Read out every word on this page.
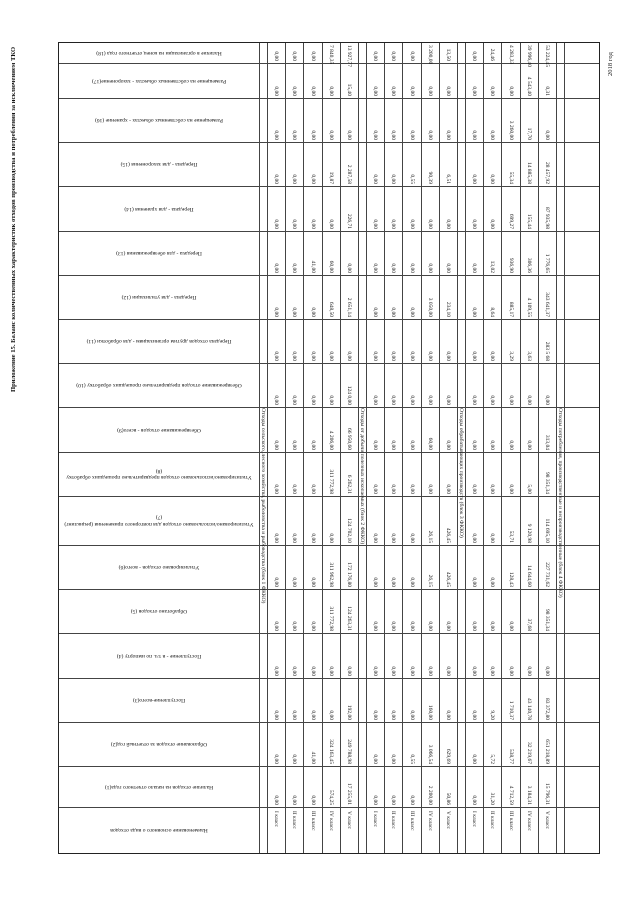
Приложение 15. Баланс количественных характеристик отходов производства и потребления за исключением ТКО	2018 год
Наименование основного о вида отходов
Наличие отходов на начало отчетного года(1)
Образование отходов за отчетный год(2)
Поступление-всего(3)
Поступление - в т.ч. по импорту (4)
Обработано отходов (5)
Утилизировано отходов - всего(6)
Утилизировано/использовано отходов для повторного применения (рециклинг) (7)
Утилизировано/использовано отходов предварительно прошедших обработку (8)
Обезвреживание отходов - всего(9)
Обезвреживание отходов предварительно прошедших обработку (10)
Передача отходов другим организациям - для обработки (11)
Передача - для утилизации (12)
Передача - для обезвреживания (13)
Передача - для хранения (14)
Передача - для захоронения (15)
Размещение на собственных объектах - хранение (16)
Размещение на собственных объектах - захоронение(17)
Наличие в организации на конец отчетного года (18)
Отходы сельского, лесного хозяйства, рыболовства и рыбоводства (блок 1 ФККО)
I класс
0,00
0,00
0,00
0,00
0,00
0,00
0,00
0,00
0,00
0,00
0,00
0,00
0,00
0,00
0,00
0,00
0,00
0,00
II класс
0,00
0,00
0,00
0,00
0,00
0,00
0,00
0,00
0,00
0,00
0,00
0,00
0,00
0,00
0,00
0,00
0,00
0,00
III класс
0,00
41,00
0,00
0,00
0,00
0,00
0,00
0,00
0,00
0,00
0,00
0,00
41,00
0,00
0,00
0,00
0,00
0,00
IV класс
574,25
324 163,45
0,00
0,00
311 772,98
311 962,98
0,00
311 772,98
4 206,00
0,00
0,00
648,50
60,00
0,00
19,87
0,00
0,00
7 840,35
V класс
17 255,01
249 788,98
192,00
0,00
124 263,31
172 176,80
124 702,10
6 262,31
66 950,60
124 0,00
0,00
2 651,14
0,00
226,71
2 287,58
0,00
15,40
13 927,77
Отходы от добычи полезных ископаемых (блок 2 ФККО)
I класс
0,00
0,00
0,00
0,00
0,00
0,00
0,00
0,00
0,00
0,00
0,00
0,00
0,00
0,00
0,00
0,00
0,00
0,00
II класс
0,00
0,00
0,00
0,00
0,00
0,00
0,00
0,00
0,00
0,00
0,00
0,00
0,00
0,00
0,00
0,00
0,00
0,00
III класс
0,00
0,55
0,00
0,00
0,00
0,00
0,00
0,00
0,00
0,00
0,00
0,00
0,00
0,00
0,55
0,00
0,00
0,00
IV класс
2 200,00
3 066,54
160,00
0,00
0,00
26,15
26,15
0,00
60,00
0,00
0,00
3 050,00
0,00
0,00
90,39
0,00
0,00
3 200,00
V класс
50,86
629,69
0,00
0,00
0,00
426,45
426,45
0,00
0,00
0,00
0,00
234,10
0,00
0,00
6,51
0,00
0,00
13,50
Отходы обрабатывающих производств (блок 3 ФККО)
I класс
0,00
0,00
0,00
0,00
0,00
0,00
0,00
0,00
0,00
0,00
0,00
0,00
0,00
0,00
0,00
0,00
0,00
0,00
II класс
31,20
5,72
9,20
0,00
0,00
0,00
0,00
0,00
0,00
0,00
0,00
8,64
13,02
0,00
0,00
0,00
0,00
24,46
III класс
4 712,59
538,77
1 710,37
0,00
0,00
128,43
53,71
0,00
0,00
0,00
3,29
885,17
936,90
699,27
55,34
3 260,00
0,00
4 283,33
IV класс
3 184,31
32 219,67
43 140,78
0,00
37,68
14 644,60
9 120,98
5,00
0,00
0,00
3,63
4 109,55
306,36
155,44
14 885,38
17,70
4 543,40
39 996,40
V класс
15 796,31
651 218,89
83 372,80
0,00
98 351,34
227 731,62
114 695,10
98 351,34
313,04
0,00
283 5 68
343 641,37
1 776,65
87 935,98
28 457,92
0,00
0,31
53 224,45
Отходы потребления, производственные и непроизводственные (блок 4 ФККО)
